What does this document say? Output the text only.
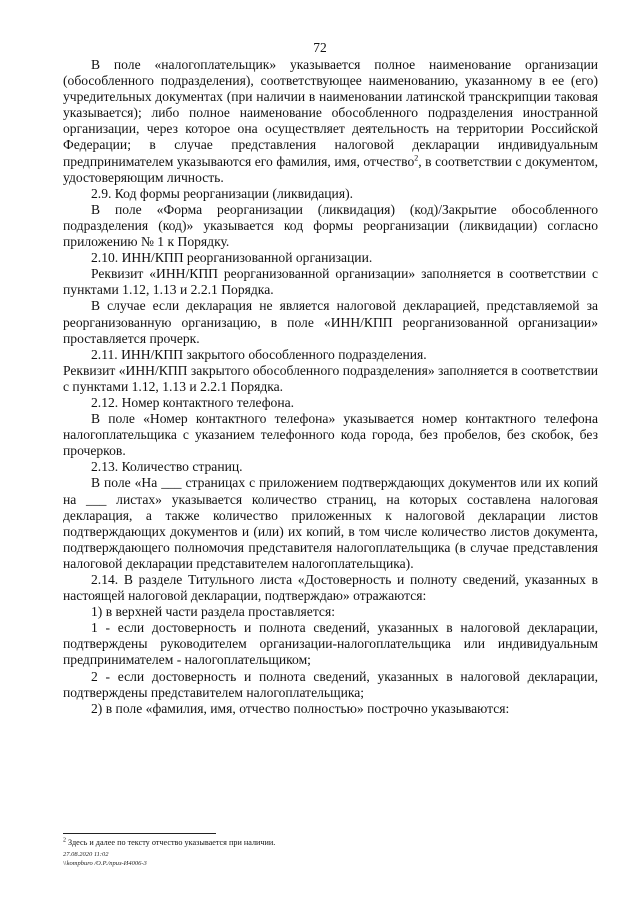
72

В поле «налогоплательщик» указывается полное наименование организации (обособленного подразделения), соответствующее наименованию, указанному в ее (его) учредительных документах (при наличии в наименовании латинской транскрипции таковая указывается); либо полное наименование обособленного подразделения иностранной организации, через которое она осуществляет деятельность на территории Российской Федерации; в случае представления налоговой декларации индивидуальным предпринимателем указываются его фамилия, имя, отчество$^2$, в соответствии с документом, удостоверяющим личность.

2.9. Код формы реорганизации (ликвидация).

В поле «Форма реорганизации (ликвидация) (код)/Закрытие обособленного подразделения (код)» указывается код формы реорганизации (ликвидации) согласно приложению № 1 к Порядку.

2.10. ИНН/КПП реорганизованной организации.

Реквизит «ИНН/КПП реорганизованной организации» заполняется в соответствии с пунктами 1.12, 1.13 и 2.2.1 Порядка.

В случае если декларация не является налоговой декларацией, представляемой за реорганизованную организацию, в поле «ИНН/КПП реорганизованной организации» проставляется прочерк.

2.11. ИНН/КПП закрытого обособленного подразделения.

Реквизит «ИНН/КПП закрытого обособленного подразделения» заполняется в соответствии с пунктами 1.12, 1.13 и 2.2.1 Порядка.

2.12. Номер контактного телефона.

В поле «Номер контактного телефона» указывается номер контактного телефона налогоплательщика с указанием телефонного кода города, без пробелов, без скобок, без прочерков.

2.13. Количество страниц.

В поле «На ___ страницах с приложением подтверждающих документов или их копий на ___ листах» указывается количество страниц, на которых составлена налоговая декларация, а также количество приложенных к налоговой декларации листов подтверждающих документов и (или) их копий, в том числе количество листов документа, подтверждающего полномочия представителя налогоплательщика (в случае представления налоговой декларации представителем налогоплательщика).

2.14. В разделе Титульного листа «Достоверность и полноту сведений, указанных в настоящей налоговой декларации, подтверждаю» отражаются:

1) в верхней части раздела проставляется:

1 - если достоверность и полнота сведений, указанных в налоговой декларации, подтверждены руководителем организации-налогоплательщика или индивидуальным предпринимателем - налогоплательщиком;

2 - если достоверность и полнота сведений, указанных в налоговой декларации, подтверждены представителем налогоплательщика;

2) в поле «фамилия, имя, отчество полностью» построчно указываются:

$^2$ Здесь и далее по тексту отчество указывается при наличии.
27.08.2020 11:02
\\kompburo /О.Р./приз-И4006-3
